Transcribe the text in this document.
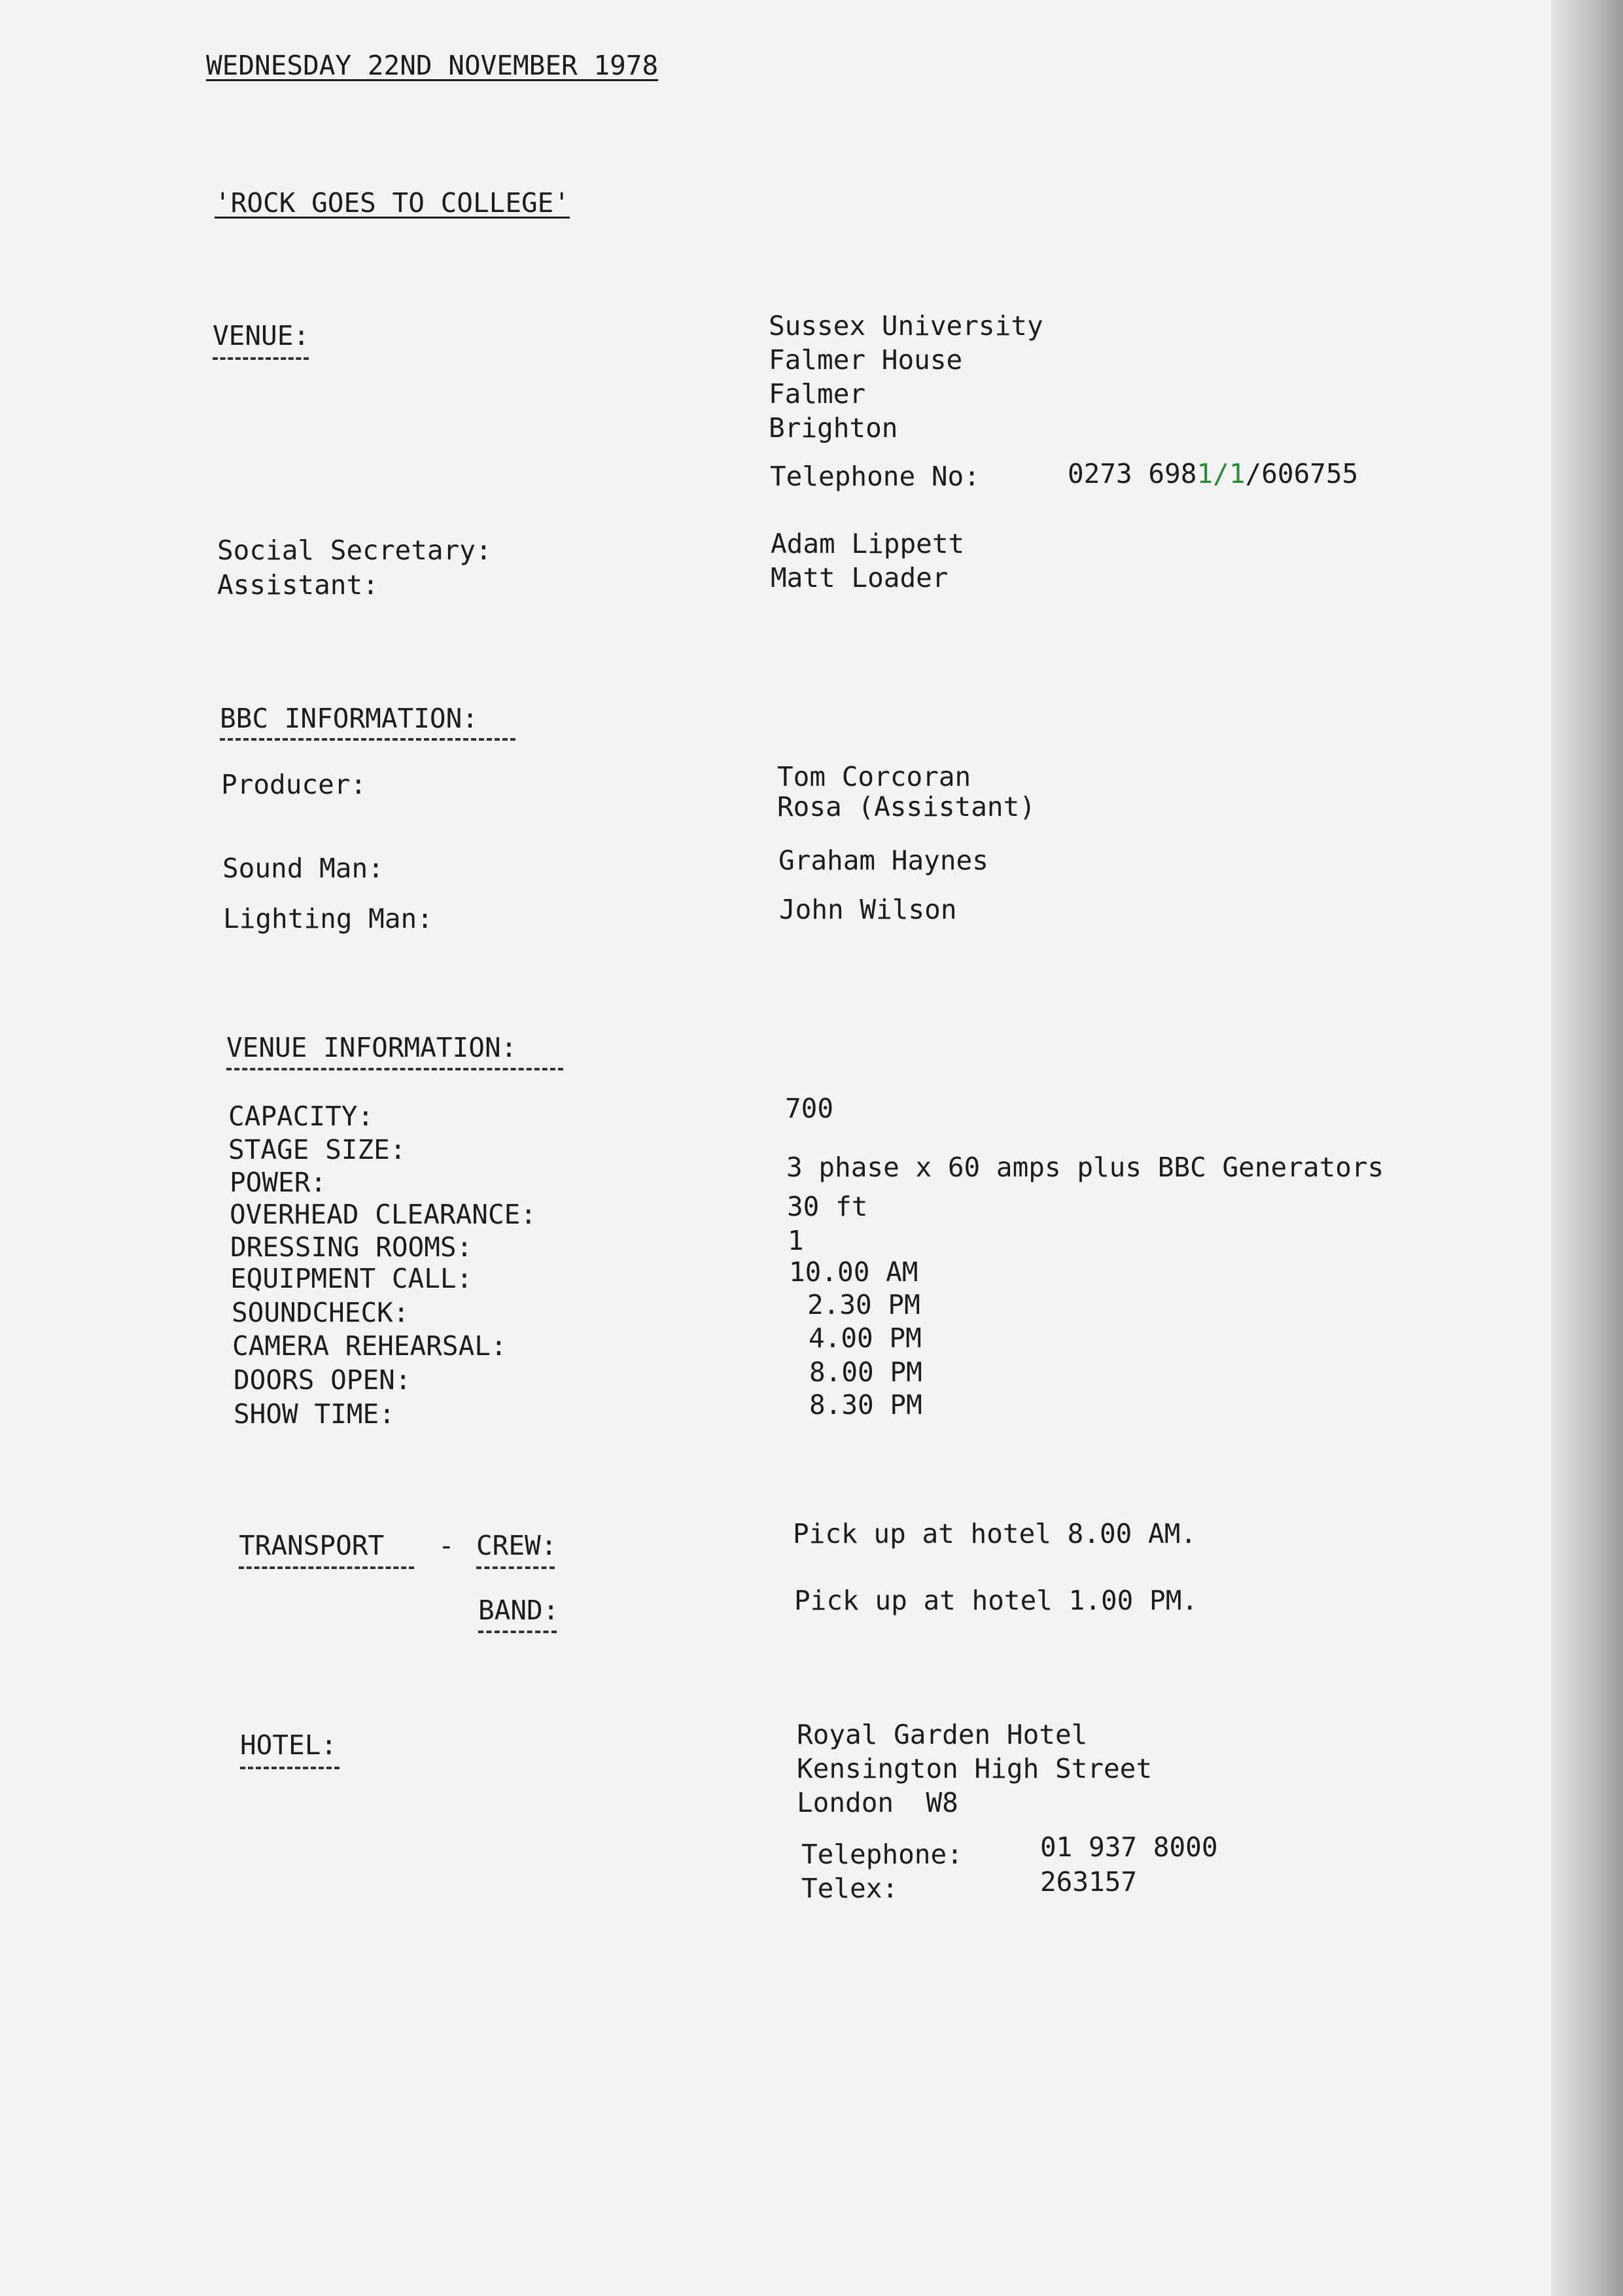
WEDNESDAY 22ND NOVEMBER 1978
'ROCK GOES TO COLLEGE'
VENUE:	Sussex University
Falmer House
Falmer
Brighton
Telephone No:	0273 6981/1/606755
Social Secretary:	Adam Lippett
Assistant:	Matt Loader
BBC INFORMATION:
Producer:	Tom Corcoran
Rosa (Assistant)
Sound Man:	Graham Haynes
Lighting Man:	John Wilson
VENUE INFORMATION:
CAPACITY:	700
STAGE SIZE:
POWER:	3 phase x 60 amps plus BBC Generators
OVERHEAD CLEARANCE:	30 ft
DRESSING ROOMS:	1
EQUIPMENT CALL:	10.00 AM
SOUNDCHECK:	2.30 PM
CAMERA REHEARSAL:	4.00 PM
DOORS OPEN:	8.00 PM
SHOW TIME:	8.30 PM
TRANSPORT - CREW:	Pick up at hotel 8.00 AM.
BAND:	Pick up at hotel 1.00 PM.
HOTEL:	Royal Garden Hotel
Kensington High Street
London  W8
Telephone:	01 937 8000
Telex:	263157
